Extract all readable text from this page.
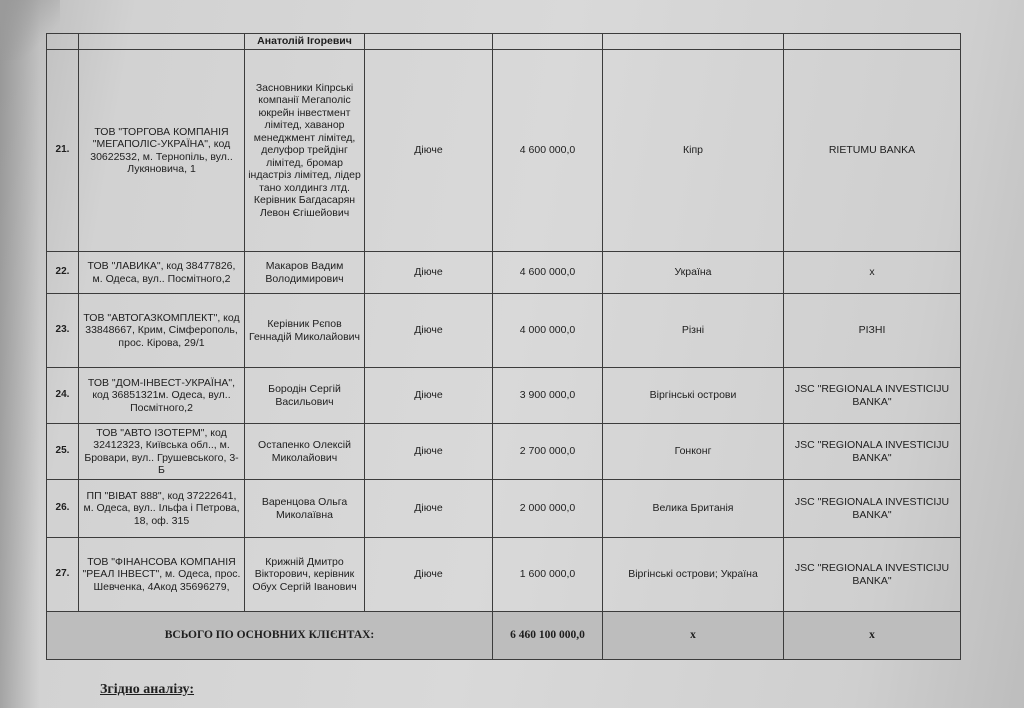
		Анатолій Ігоревич				
21.	ТОВ "ТОРГОВА КОМПАНІЯ "МЕГАПОЛІС-УКРАЇНА", код 30622532, м. Тернопіль, вул.. Лукяновича, 1	Засновники Кіпрські компанії Мегаполіс юкрейн інвестмент лімітед, хаванор менеджмент лімітед, делуфор трейдінг лімітед, бромар індастріз лімітед, лідер тано холдингз лтд. Керівник Багдасарян Левон Єгішейович	Діюче	4 600 000,0	Кіпр	RIETUMU BANKA
22.	ТОВ "ЛАВИКА", код 38477826, м. Одеса, вул.. Посмітного,2	Макаров Вадим Володимирович	Діюче	4 600 000,0	Україна	х
23.	ТОВ "АВТОГАЗКОМПЛЕКТ", код 33848667, Крим, Сімферополь, прос. Кірова, 29/1	Керівник Рєпов Геннадій Миколайович	Діюче	4 000 000,0	Різні	РІЗНІ
24.	ТОВ "ДОМ-ІНВЕСТ-УКРАЇНА", код 36851321м. Одеса, вул.. Посмітного,2	Бородін Сергій Васильович	Діюче	3 900 000,0	Віргінські острови	JSC "REGIONALA INVESTICIJU BANKA"
25.	ТОВ "АВТО ІЗОТЕРМ", код 32412323, Київська обл.., м. Бровари, вул.. Грушевського, 3-Б	Остапенко Олексій Миколайович	Діюче	2 700 000,0	Гонконг	JSC "REGIONALA INVESTICIJU BANKA"
26.	ПП "ВІВАТ 888", код 37222641, м. Одеса, вул.. Ільфа і Петрова, 18, оф. 315	Варенцова Ольга Миколаївна	Діюче	2 000 000,0	Велика Британія	JSC "REGIONALA INVESTICIJU BANKA"
27.	ТОВ "ФІНАНСОВА КОМПАНІЯ "РЕАЛ ІНВЕСТ", м. Одеса, прос. Шевченка, 4Акод 35696279,	Крижній Дмитро Вікторович, керівник Обух Сергій Іванович	Діюче	1 600 000,0	Віргінські острови; Україна	JSC "REGIONALA INVESTICIJU BANKA"
ВСЬОГО ПО ОСНОВНИХ КЛІЄНТАХ:				6 460 100 000,0	х	х
Згідно аналізу:
